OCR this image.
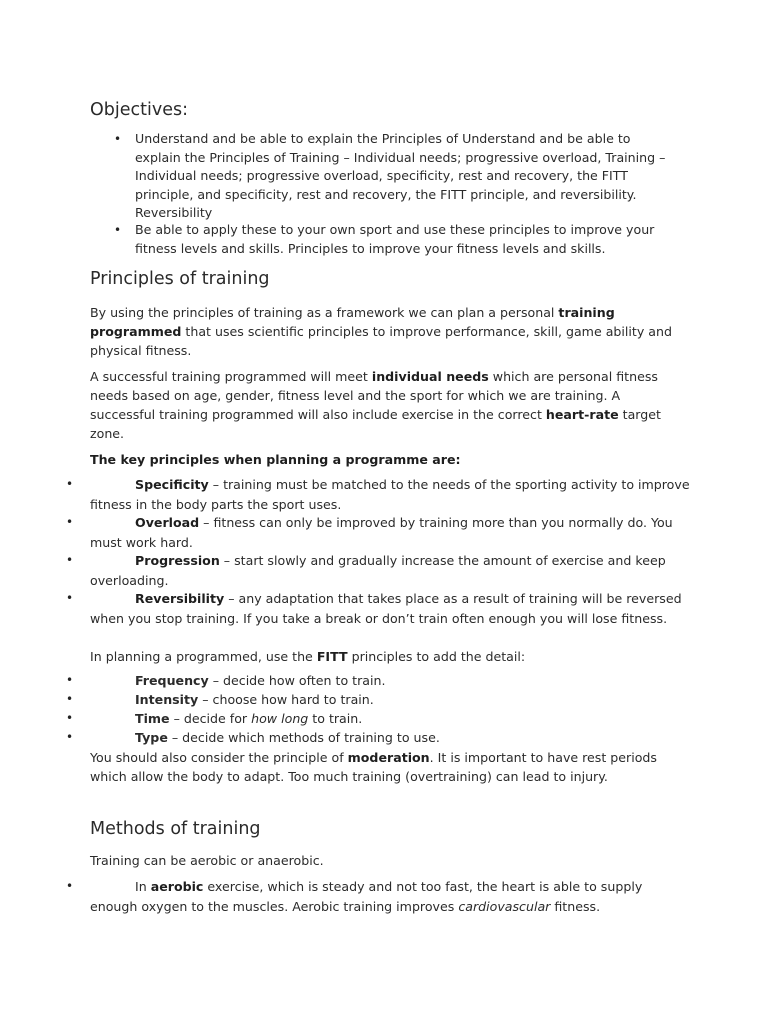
Objectives:
• Understand and be able to explain the Principles of Understand and be able to explain the Principles of Training – Individual needs; progressive overload, Training – Individual needs; progressive overload, specificity, rest and recovery, the FITT principle, and specificity, rest and recovery, the FITT principle, and reversibility. Reversibility

• Be able to apply these to your own sport and use these principles to improve your fitness levels and skills. Principles to improve your fitness levels and skills.

Principles of training

By using the principles of training as a framework we can plan a personal training programmed that uses scientific principles to improve performance, skill, game ability and physical fitness.

A successful training programmed will meet individual needs which are personal fitness needs based on age, gender, fitness level and the sport for which we are training. A successful training programmed will also include exercise in the correct heart-rate target zone.

The key principles when planning a programme are:

•	Specificity – training must be matched to the needs of the sporting activity to improve fitness in the body parts the sport uses.

•	Overload – fitness can only be improved by training more than you normally do. You must work hard.

•	Progression – start slowly and gradually increase the amount of exercise and keep overloading.

•	Reversibility – any adaptation that takes place as a result of training will be reversed when you stop training. If you take a break or don’t train often enough you will lose fitness.

In planning a programmed, use the FITT principles to add the detail:

•	Frequency – decide how often to train.

•	Intensity – choose how hard to train.

•	Time – decide for how long to train.

•	Type – decide which methods of training to use.

You should also consider the principle of moderation. It is important to have rest periods which allow the body to adapt. Too much training (overtraining) can lead to injury.

Methods of training

Training can be aerobic or anaerobic.

•	In aerobic exercise, which is steady and not too fast, the heart is able to supply enough oxygen to the muscles. Aerobic training improves cardiovascular fitness.
